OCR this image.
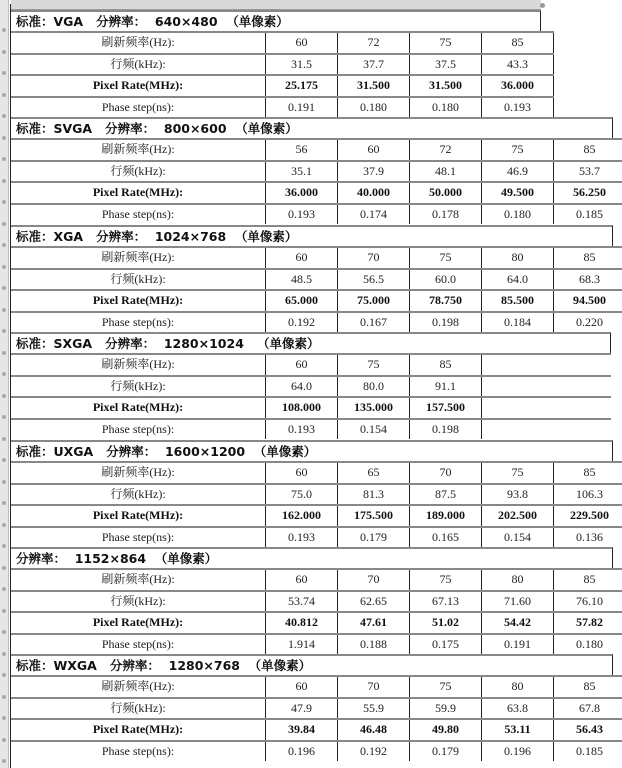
标准：VGA   分辨率：  640×480  （单像素）
刷新频率(Hz):	60	72	75	85
行频(kHz):	31.5	37.7	37.5	43.3
Pixel Rate(MHz):	25.175	31.500	31.500	36.000
Phase step(ns):	0.191	0.180	0.180	0.193
标准：SVGA   分辨率：  800×600  （单像素）
刷新频率(Hz):	56	60	72	75	85
行频(kHz):	35.1	37.9	48.1	46.9	53.7
Pixel Rate(MHz):	36.000	40.000	50.000	49.500	56.250
Phase step(ns):	0.193	0.174	0.178	0.180	0.185
标准：XGA   分辨率：  1024×768  （单像素）
刷新频率(Hz):	60	70	75	80	85
行频(kHz):	48.5	56.5	60.0	64.0	68.3
Pixel Rate(MHz):	65.000	75.000	78.750	85.500	94.500
Phase step(ns):	0.192	0.167	0.198	0.184	0.220
标准：SXGA   分辨率：  1280×1024   （单像素）
刷新频率(Hz):	60	75	85
行频(kHz):	64.0	80.0	91.1
Pixel Rate(MHz):	108.000	135.000	157.500
Phase step(ns):	0.193	0.154	0.198
标准：UXGA   分辨率：  1600×1200  （单像素）
刷新频率(Hz):	60	65	70	75	85
行频(kHz):	75.0	81.3	87.5	93.8	106.3
Pixel Rate(MHz):	162.000	175.500	189.000	202.500	229.500
Phase step(ns):	0.193	0.179	0.165	0.154	0.136
分辨率：  1152×864  （单像素）
刷新频率(Hz):	60	70	75	80	85
行频(kHz):	53.74	62.65	67.13	71.60	76.10
Pixel Rate(MHz):	40.812	47.61	51.02	54.42	57.82
Phase step(ns):	1.914	0.188	0.175	0.191	0.180
标准：WXGA   分辨率：  1280×768  （单像素）
刷新频率(Hz):	60	70	75	80	85
行频(kHz):	47.9	55.9	59.9	63.8	67.8
Pixel Rate(MHz):	39.84	46.48	49.80	53.11	56.43
Phase step(ns):	0.196	0.192	0.179	0.196	0.185
